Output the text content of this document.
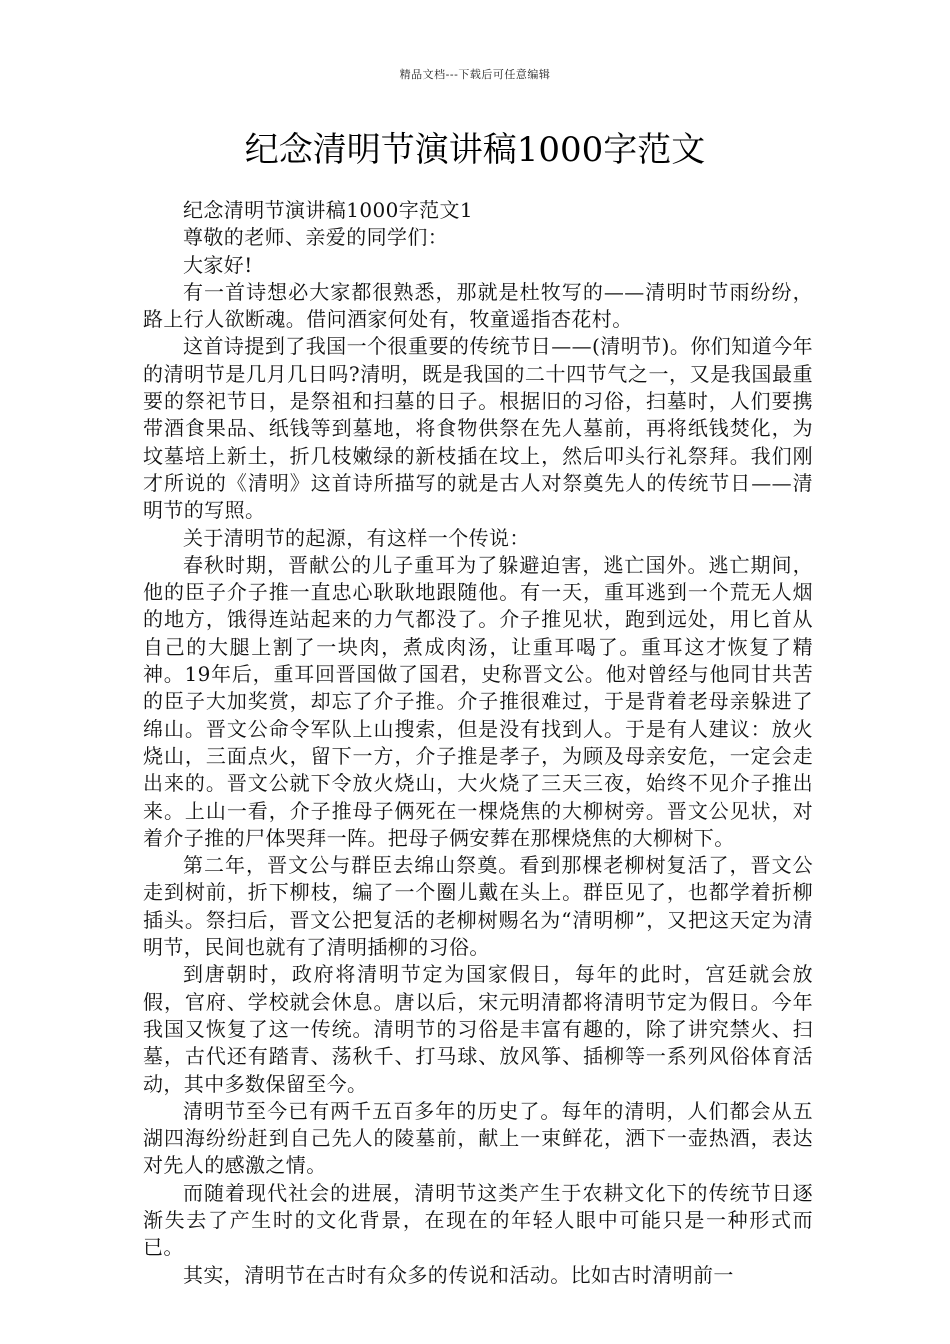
精品文档---下载后可任意编辑
纪念清明节演讲稿1000字范文

纪念清明节演讲稿1000字范文1

尊敬的老师、亲爱的同学们：

大家好!

有一首诗想必大家都很熟悉，那就是杜牧写的——清明时节雨纷纷，路上行人欲断魂。借问酒家何处有，牧童遥指杏花村。

这首诗提到了我国一个很重要的传统节日——(清明节)。你们知道今年的清明节是几月几日吗?清明，既是我国的二十四节气之一，又是我国最重要的祭祀节日，是祭祖和扫墓的日子。根据旧的习俗，扫墓时，人们要携带酒食果品、纸钱等到墓地，将食物供祭在先人墓前，再将纸钱焚化，为坟墓培上新土，折几枝嫩绿的新枝插在坟上，然后叩头行礼祭拜。我们刚才所说的《清明》这首诗所描写的就是古人对祭奠先人的传统节日——清明节的写照。

关于清明节的起源，有这样一个传说：

春秋时期，晋献公的儿子重耳为了躲避迫害，逃亡国外。逃亡期间，他的臣子介子推一直忠心耿耿地跟随他。有一天，重耳逃到一个荒无人烟的地方，饿得连站起来的力气都没了。介子推见状，跑到远处，用匕首从自己的大腿上割了一块肉，煮成肉汤，让重耳喝了。重耳这才恢复了精神。19年后，重耳回晋国做了国君，史称晋文公。他对曾经与他同甘共苦的臣子大加奖赏，却忘了介子推。介子推很难过，于是背着老母亲躲进了绵山。晋文公命令军队上山搜索，但是没有找到人。于是有人建议：放火烧山，三面点火，留下一方，介子推是孝子，为顾及母亲安危，一定会走出来的。晋文公就下令放火烧山，大火烧了三天三夜，始终不见介子推出来。上山一看，介子推母子俩死在一棵烧焦的大柳树旁。晋文公见状，对着介子推的尸体哭拜一阵。把母子俩安葬在那棵烧焦的大柳树下。

第二年，晋文公与群臣去绵山祭奠。看到那棵老柳树复活了，晋文公走到树前，折下柳枝，编了一个圈儿戴在头上。群臣见了，也都学着折柳插头。祭扫后，晋文公把复活的老柳树赐名为“清明柳”，又把这天定为清明节，民间也就有了清明插柳的习俗。

到唐朝时，政府将清明节定为国家假日，每年的此时，宫廷就会放假，官府、学校就会休息。唐以后，宋元明清都将清明节定为假日。今年我国又恢复了这一传统。清明节的习俗是丰富有趣的，除了讲究禁火、扫墓，古代还有踏青、荡秋千、打马球、放风筝、插柳等一系列风俗体育活动，其中多数保留至今。

清明节至今已有两千五百多年的历史了。每年的清明，人们都会从五湖四海纷纷赶到自己先人的陵墓前，献上一束鲜花，洒下一壶热酒，表达对先人的感激之情。

而随着现代社会的进展，清明节这类产生于农耕文化下的传统节日逐渐失去了产生时的文化背景，在现在的年轻人眼中可能只是一种形式而已。

其实，清明节在古时有众多的传说和活动。比如古时清明前一
